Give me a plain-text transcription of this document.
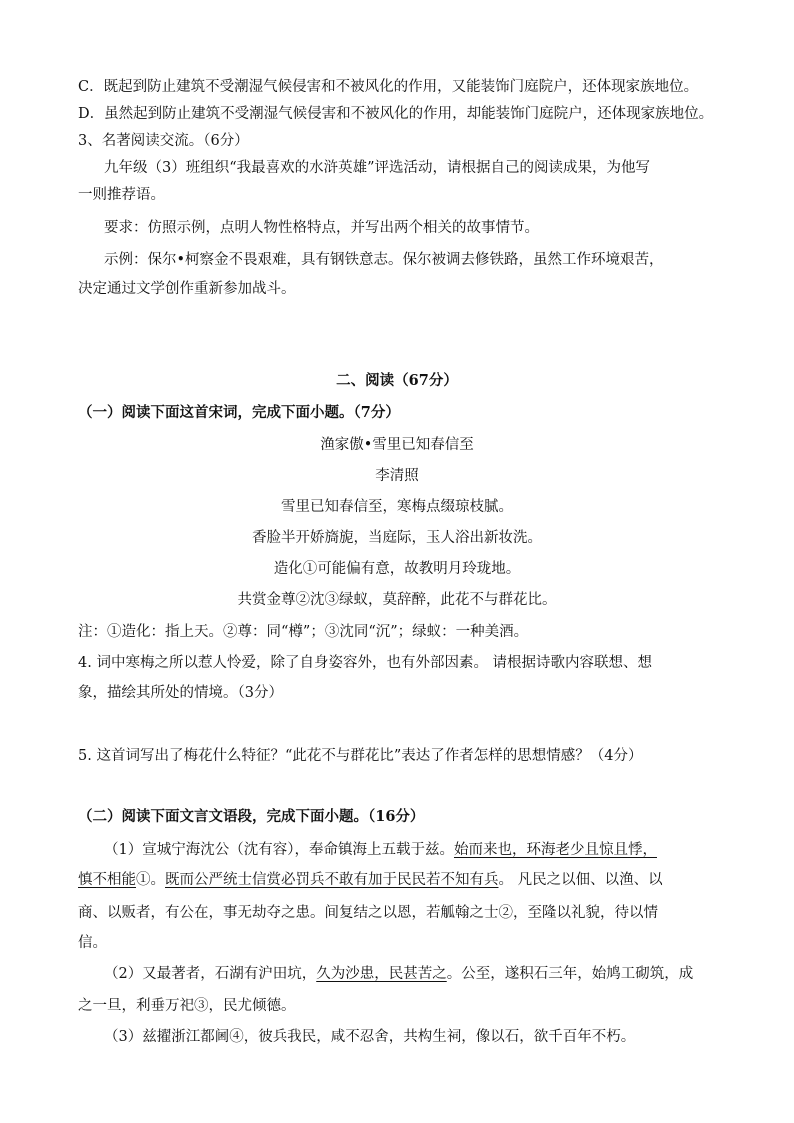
C．既起到防止建筑不受潮湿气候侵害和不被风化的作用，又能装饰门庭院户，还体现家族地位。
D．虽然起到防止建筑不受潮湿气候侵害和不被风化的作用，却能装饰门庭院户，还体现家族地位。
3、名著阅读交流。（6分）
九年级（3）班组织“我最喜欢的水浒英雄”评选活动，请根据自己的阅读成果，为他写
一则推荐语。
要求：仿照示例，点明人物性格特点，并写出两个相关的故事情节。
示例：保尔•柯察金不畏艰难，具有钢铁意志。保尔被调去修铁路，虽然工作环境艰苦，
决定通过文学创作重新参加战斗。
二、阅读（67分）
（一）阅读下面这首宋词，完成下面小题。（7分）
渔家傲•雪里已知春信至
李清照
雪里已知春信至，寒梅点缀琼枝腻。
香脸半开娇旖旎，当庭际，玉人浴出新妆洗。
造化①可能偏有意，故教明月玲珑地。
共赏金尊②沈③绿蚁，莫辞醉，此花不与群花比。
注：①造化：指上天。②尊：同“樽”；③沈同“沉”；绿蚁：一种美酒。
4. 词中寒梅之所以惹人怜爱，除了自身姿容外，也有外部因素。 请根据诗歌内容联想、想
象，描绘其所处的情境。（3分）
5. 这首词写出了梅花什么特征？“此花不与群花比”表达了作者怎样的思想情感？（4分）
（二）阅读下面文言文语段，完成下面小题。（16分）
（1）宣城宁海沈公（沈有容），奉命镇海上五载于兹。始而来也，环海老少且惊且悸，
慎不相能①。既而公严统士信赏必罚兵不敢有加于民民若不知有兵。 凡民之以佃、以渔、以
商、以贩者，有公在，事无劫夺之患。间复结之以恩，若觚翰之士②，至隆以礼貌，待以情
信。
（2）又最著者，石湖有沪田坑，久为沙患，民甚苦之。公至，遂积石三年，始鸠工砌筑，成
之一旦，利垂万祀③，民尤倾德。
（3）兹擢浙江都阃④，彼兵我民，咸不忍舍，共构生祠，像以石，欲千百年不朽。
